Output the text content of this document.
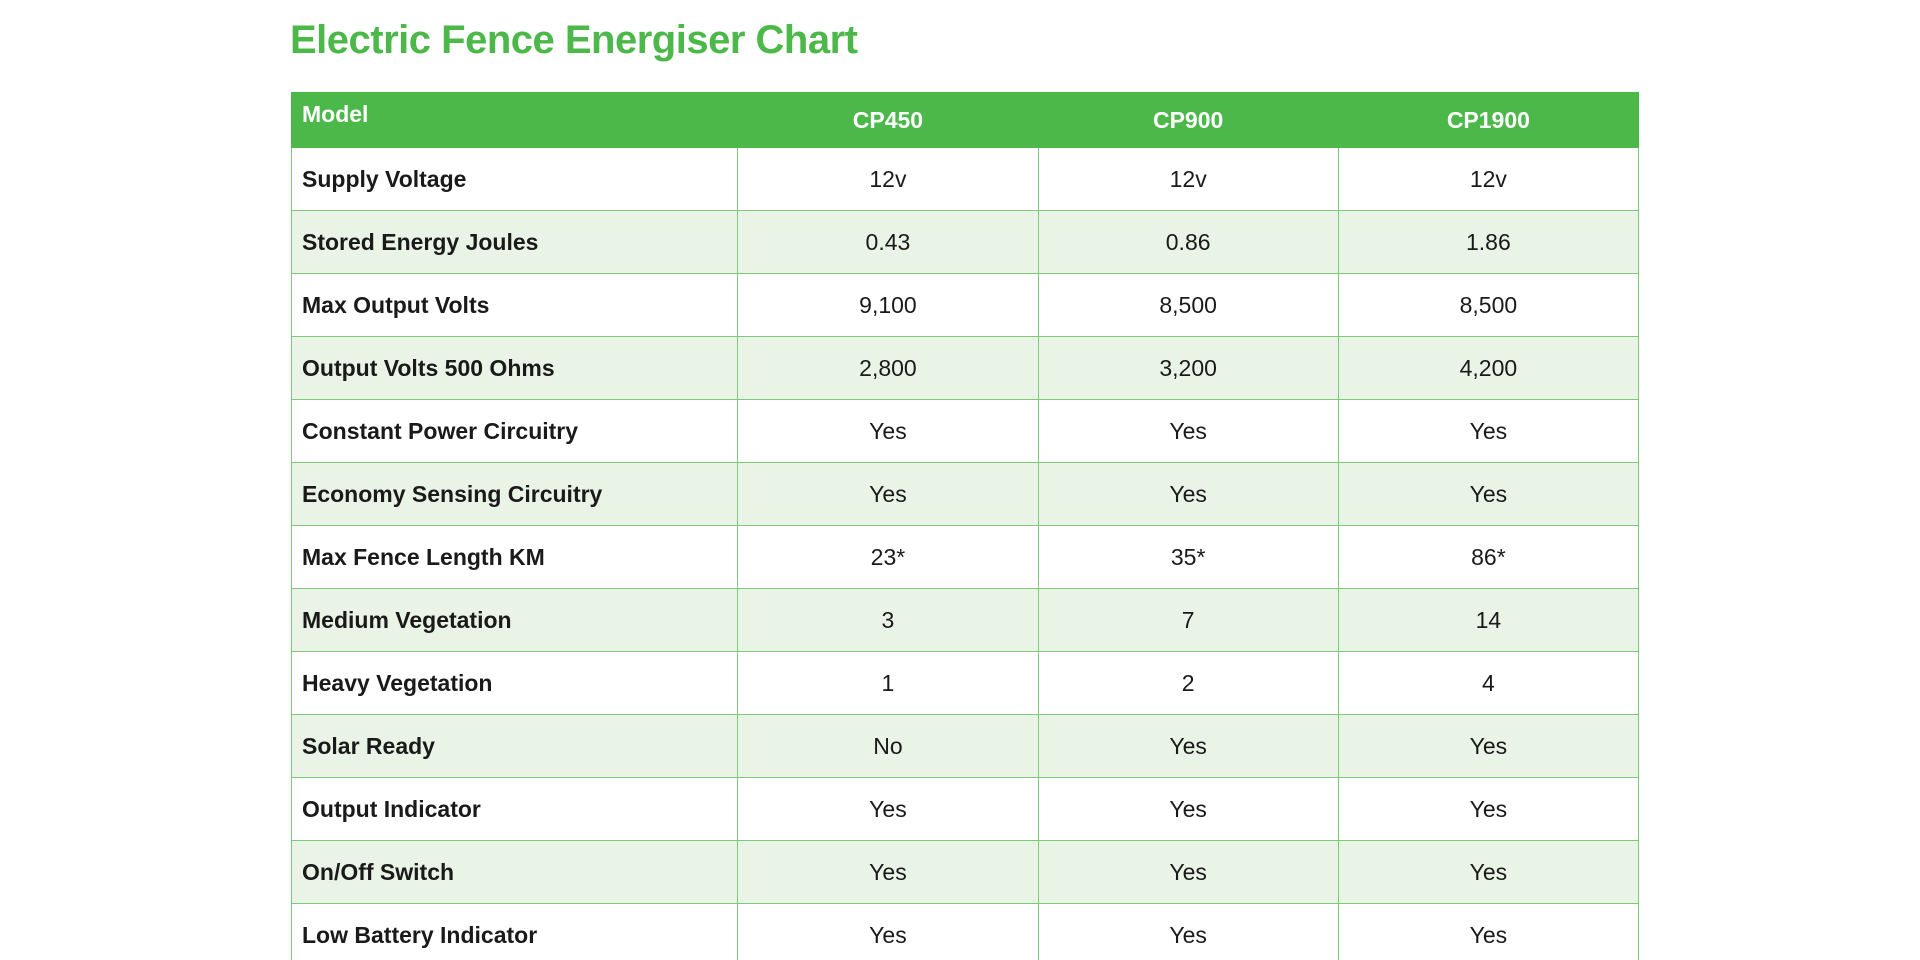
Electric Fence Energiser Chart
Model	CP450	CP900	CP1900
Supply Voltage	12v	12v	12v
Stored Energy Joules	0.43	0.86	1.86
Max Output Volts	9,100	8,500	8,500
Output Volts 500 Ohms	2,800	3,200	4,200
Constant Power Circuitry	Yes	Yes	Yes
Economy Sensing Circuitry	Yes	Yes	Yes
Max Fence Length KM	23*	35*	86*
Medium Vegetation	3	7	14
Heavy Vegetation	1	2	4
Solar Ready	No	Yes	Yes
Output Indicator	Yes	Yes	Yes
On/Off Switch	Yes	Yes	Yes
Low Battery Indicator	Yes	Yes	Yes
